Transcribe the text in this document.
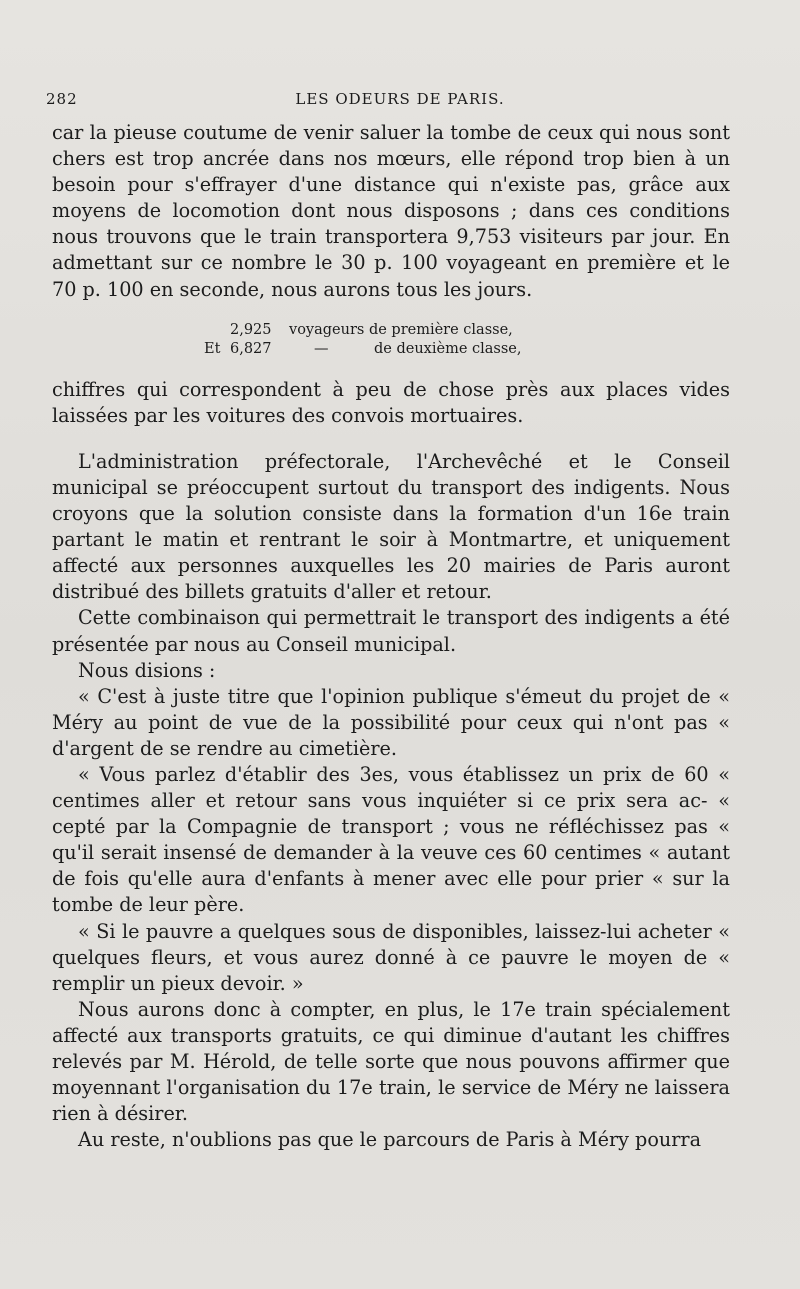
282	LES ODEURS DE PARIS.

car la pieuse coutume de venir saluer la tombe de ceux qui nous sont chers est trop ancrée dans nos mœurs, elle répond trop bien à un besoin pour s'effrayer d'une distance qui n'existe pas, grâce aux moyens de locomotion dont nous disposons ; dans ces conditions nous trouvons que le train transportera 9,753 visiteurs par jour. En admettant sur ce nombre le 30 p. 100 voyageant en première et le 70 p. 100 en seconde, nous aurons tous les jours.

2,925 voyageurs de première classe,
Et 6,827	—	de deuxième classe,

chiffres qui correspondent à peu de chose près aux places vides laissées par les voitures des convois mortuaires.

L'administration préfectorale, l'Archevêché et le Conseil municipal se préoccupent surtout du transport des indigents. Nous croyons que la solution consiste dans la formation d'un 16e train partant le matin et rentrant le soir à Montmartre, et uniquement affecté aux personnes auxquelles les 20 mairies de Paris auront distribué des billets gratuits d'aller et retour.

Cette combinaison qui permettrait le transport des indigents a été présentée par nous au Conseil municipal.

Nous disions :

« C'est à juste titre que l'opinion publique s'émeut du projet de « Méry au point de vue de la possibilité pour ceux qui n'ont pas « d'argent de se rendre au cimetière.

« Vous parlez d'établir des 3es, vous établissez un prix de 60 « centimes aller et retour sans vous inquiéter si ce prix sera ac- « cepté par la Compagnie de transport ; vous ne réfléchissez pas « qu'il serait insensé de demander à la veuve ces 60 centimes « autant de fois qu'elle aura d'enfants à mener avec elle pour prier « sur la tombe de leur père.

« Si le pauvre a quelques sous de disponibles, laissez-lui acheter « quelques fleurs, et vous aurez donné à ce pauvre le moyen de « remplir un pieux devoir. »

Nous aurons donc à compter, en plus, le 17e train spécialement affecté aux transports gratuits, ce qui diminue d'autant les chiffres relevés par M. Hérold, de telle sorte que nous pouvons affirmer que moyennant l'organisation du 17e train, le service de Méry ne laissera rien à désirer.

Au reste, n'oublions pas que le parcours de Paris à Méry pourra
